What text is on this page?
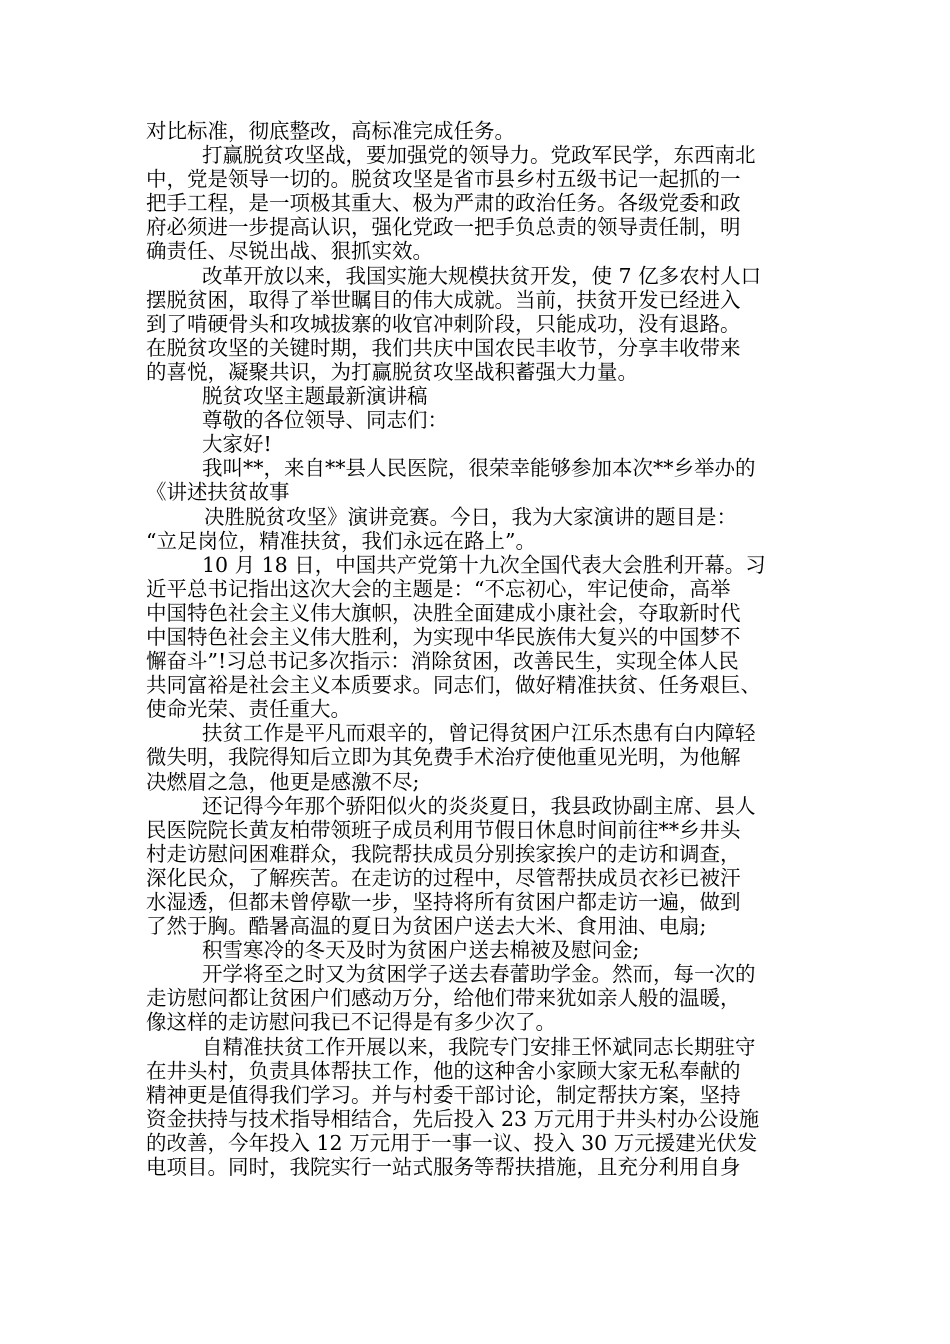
对比标准，彻底整改，高标准完成任务。
打赢脱贫攻坚战，要加强党的领导力。党政军民学，东西南北
中，党是领导一切的。脱贫攻坚是省市县乡村五级书记一起抓的一
把手工程，是一项极其重大、极为严肃的政治任务。各级党委和政
府必须进一步提高认识，强化党政一把手负总责的领导责任制，明
确责任、尽锐出战、狠抓实效。
改革开放以来，我国实施大规模扶贫开发，使 7 亿多农村人口
摆脱贫困，取得了举世瞩目的伟大成就。当前，扶贫开发已经进入
到了啃硬骨头和攻城拔寨的收官冲刺阶段，只能成功，没有退路。
在脱贫攻坚的关键时期，我们共庆中国农民丰收节，分享丰收带来
的喜悦，凝聚共识，为打赢脱贫攻坚战积蓄强大力量。
脱贫攻坚主题最新演讲稿
尊敬的各位领导、同志们：
大家好!
我叫**，来自**县人民医院，很荣幸能够参加本次**乡举办的
《讲述扶贫故事
决胜脱贫攻坚》演讲竞赛。今日，我为大家演讲的题目是：
“立足岗位，精准扶贫，我们永远在路上”。
10 月 18 日，中国共产党第十九次全国代表大会胜利开幕。习
近平总书记指出这次大会的主题是：“不忘初心，牢记使命，高举
中国特色社会主义伟大旗帜，决胜全面建成小康社会，夺取新时代
中国特色社会主义伟大胜利，为实现中华民族伟大复兴的中国梦不
懈奋斗”!习总书记多次指示：消除贫困，改善民生，实现全体人民
共同富裕是社会主义本质要求。同志们，做好精准扶贫、任务艰巨、
使命光荣、责任重大。
扶贫工作是平凡而艰辛的，曾记得贫困户江乐杰患有白内障轻
微失明，我院得知后立即为其免费手术治疗使他重见光明，为他解
决燃眉之急，他更是感激不尽;
还记得今年那个骄阳似火的炎炎夏日，我县政协副主席、县人
民医院院长黄友柏带领班子成员利用节假日休息时间前往**乡井头
村走访慰问困难群众，我院帮扶成员分别挨家挨户的走访和调查，
深化民众，了解疾苦。在走访的过程中，尽管帮扶成员衣衫已被汗
水湿透，但都未曾停歇一步，坚持将所有贫困户都走访一遍，做到
了然于胸。酷暑高温的夏日为贫困户送去大米、食用油、电扇;
积雪寒冷的冬天及时为贫困户送去棉被及慰问金;
开学将至之时又为贫困学子送去春蕾助学金。然而，每一次的
走访慰问都让贫困户们感动万分，给他们带来犹如亲人般的温暖，
像这样的走访慰问我已不记得是有多少次了。
自精准扶贫工作开展以来，我院专门安排王怀斌同志长期驻守
在井头村，负责具体帮扶工作，他的这种舍小家顾大家无私奉献的
精神更是值得我们学习。并与村委干部讨论，制定帮扶方案，坚持
资金扶持与技术指导相结合，先后投入 23 万元用于井头村办公设施
的改善，今年投入 12 万元用于一事一议、投入 30 万元援建光伏发
电项目。同时，我院实行一站式服务等帮扶措施，且充分利用自身
